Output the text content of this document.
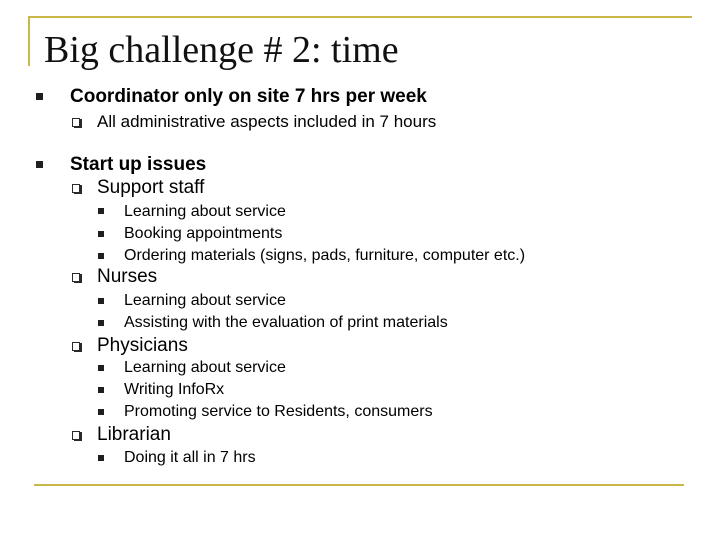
Big challenge # 2: time
Coordinator only on site 7 hrs per week
All administrative aspects included in 7 hours
Start up issues
Support staff
Learning about service
Booking appointments
Ordering materials (signs, pads, furniture, computer etc.)
Nurses
Learning about service
Assisting with the evaluation of print materials
Physicians
Learning about service
Writing InfoRx
Promoting service to Residents, consumers
Librarian
Doing it all in 7 hrs
